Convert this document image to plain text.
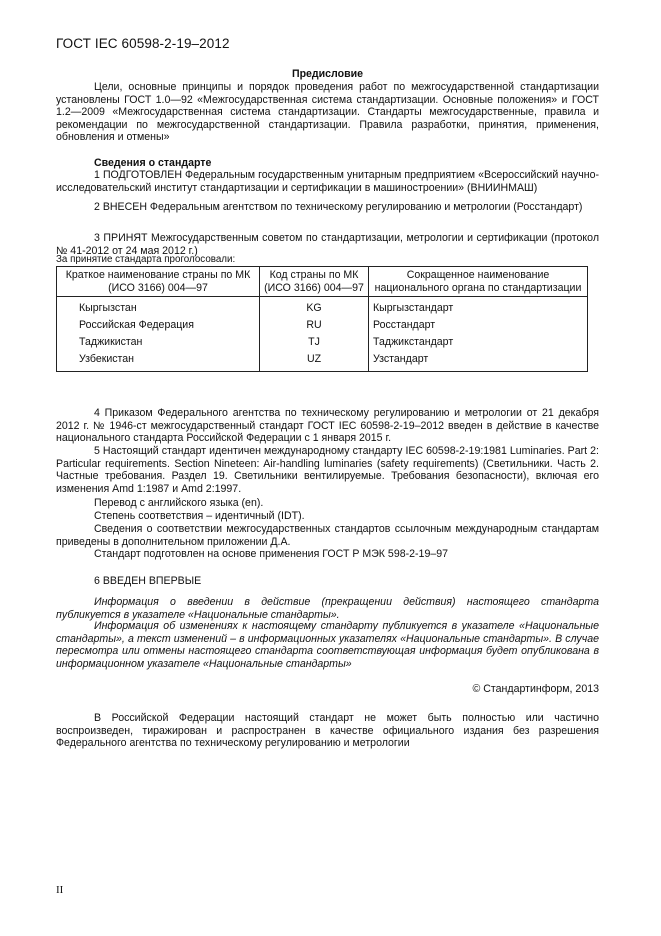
ГОСТ IEC 60598-2-19–2012
Предисловие
Цели, основные принципы и порядок проведения работ по межгосударственной стандартизации установлены ГОСТ 1.0—92 «Межгосударственная система стандартизации. Основные положения» и ГОСТ 1.2—2009 «Межгосударственная система стандартизации. Стандарты межгосударственные, правила и рекомендации по межгосударственной стандартизации. Правила разработки, принятия, применения, обновления и отмены»
Сведения о стандарте
1 ПОДГОТОВЛЕН Федеральным государственным унитарным предприятием «Всероссийский научно-исследовательский институт стандартизации и сертификации в машиностроении» (ВНИИНМАШ)
2 ВНЕСЕН Федеральным агентством по техническому регулированию и метрологии (Росстандарт)
3 ПРИНЯТ Межгосударственным советом по стандартизации, метрологии и сертификации (протокол № 41-2012 от 24 мая 2012 г.)
За принятие стандарта проголосовали:
Краткое наименование страны по МК (ИСО 3166) 004—97	Код страны по МК (ИСО 3166) 004—97	Сокращенное наименование национального органа по стандартизации
Кыргызстан	KG	Кыргызстандарт
Российская Федерация	RU	Росстандарт
Таджикистан	TJ	Таджикстандарт
Узбекистан	UZ	Узстандарт
4 Приказом Федерального агентства по техническому регулированию и метрологии от 21 декабря 2012 г. № 1946-ст межгосударственный стандарт ГОСТ IEC 60598-2-19–2012 введен в действие в качестве национального стандарта Российской Федерации с 1 января 2015 г.
5 Настоящий стандарт идентичен международному стандарту IEC 60598-2-19:1981 Luminaries. Part 2: Particular requirements. Section Nineteen: Air-handling luminaries (safety requirements) (Светильники. Часть 2. Частные требования. Раздел 19. Светильники вентилируемые. Требования безопасности), включая его изменения Amd 1:1987 и Amd 2:1997.
Перевод с английского языка (en).
Степень соответствия – идентичный (IDT).
Сведения о соответствии межгосударственных стандартов ссылочным международным стандартам приведены в дополнительном приложении Д.А.
Стандарт подготовлен на основе применения ГОСТ Р МЭК 598-2-19–97
6 ВВЕДЕН ВПЕРВЫЕ
Информация о введении в действие (прекращении действия) настоящего стандарта публикуется в указателе «Национальные стандарты».
Информация об изменениях к настоящему стандарту публикуется в указателе «Национальные стандарты», а текст изменений – в информационных указателях «Национальные стандарты». В случае пересмотра или отмены настоящего стандарта соответствующая информация будет опубликована в информационном указателе «Национальные стандарты»
© Стандартинформ, 2013
В Российской Федерации настоящий стандарт не может быть полностью или частично воспроизведен, тиражирован и распространен в качестве официального издания без разрешения Федерального агентства по техническому регулированию и метрологии
II
